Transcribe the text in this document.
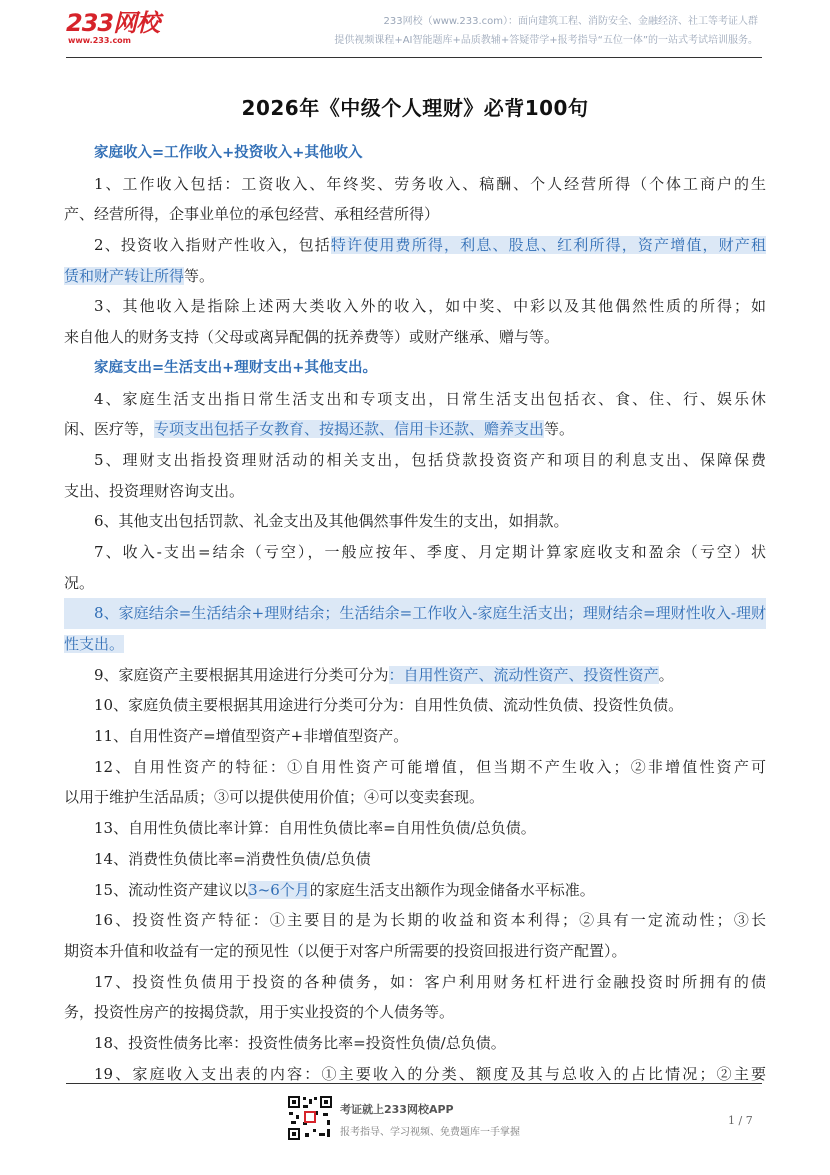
233网校
www.233.com
233网校（www.233.com）：面向建筑工程、消防安全、金融经济、社工等考证人群
提供视频课程+AI智能题库+品质教辅+答疑带学+报考指导“五位一体”的一站式考试培训服务。
2026年《中级个人理财》必背100句
家庭收入=工作收入+投资收入+其他收入
1、工作收入包括：工资收入、年终奖、劳务收入、稿酬、个人经营所得（个体工商户的生
产、经营所得，企事业单位的承包经营、承租经营所得）
2、投资收入指财产性收入，包括特许使用费所得，利息、股息、红利所得，资产增值，财产租
赁和财产转让所得等。
3、其他收入是指除上述两大类收入外的收入，如中奖、中彩以及其他偶然性质的所得；如
来自他人的财务支持（父母或离异配偶的抚养费等）或财产继承、赠与等。
家庭支出=生活支出+理财支出+其他支出。
4、家庭生活支出指日常生活支出和专项支出，日常生活支出包括衣、食、住、行、娱乐休
闲、医疗等，专项支出包括子女教育、按揭还款、信用卡还款、赡养支出等。
5、理财支出指投资理财活动的相关支出，包括贷款投资资产和项目的利息支出、保障保费
支出、投资理财咨询支出。
6、其他支出包括罚款、礼金支出及其他偶然事件发生的支出，如捐款。
7、收入-支出=结余（亏空），一般应按年、季度、月定期计算家庭收支和盈余（亏空）状
况。
8、家庭结余=生活结余+理财结余；生活结余=工作收入-家庭生活支出；理财结余=理财性收入-理财
性支出。
9、家庭资产主要根据其用途进行分类可分为：自用性资产、流动性资产、投资性资产。
10、家庭负债主要根据其用途进行分类可分为：自用性负债、流动性负债、投资性负债。
11、自用性资产=增值型资产+非增值型资产。
12、自用性资产的特征：①自用性资产可能增值，但当期不产生收入；②非增值性资产可
以用于维护生活品质；③可以提供使用价值；④可以变卖套现。
13、自用性负债比率计算：自用性负债比率=自用性负债/总负债。
14、消费性负债比率=消费性负债/总负债
15、流动性资产建议以3~6个月的家庭生活支出额作为现金储备水平标准。
16、投资性资产特征：①主要目的是为长期的收益和资本利得；②具有一定流动性；③长
期资本升值和收益有一定的预见性（以便于对客户所需要的投资回报进行资产配置）。
17、投资性负债用于投资的各种债务，如：客户利用财务杠杆进行金融投资时所拥有的债
务，投资性房产的按揭贷款，用于实业投资的个人债务等。
18、投资性债务比率：投资性债务比率=投资性负债/总负债。
19、家庭收入支出表的内容：①主要收入的分类、额度及其与总收入的占比情况；②主要
考证就上233网校APP
报考指导、学习视频、免费题库一手掌握
1 / 7
